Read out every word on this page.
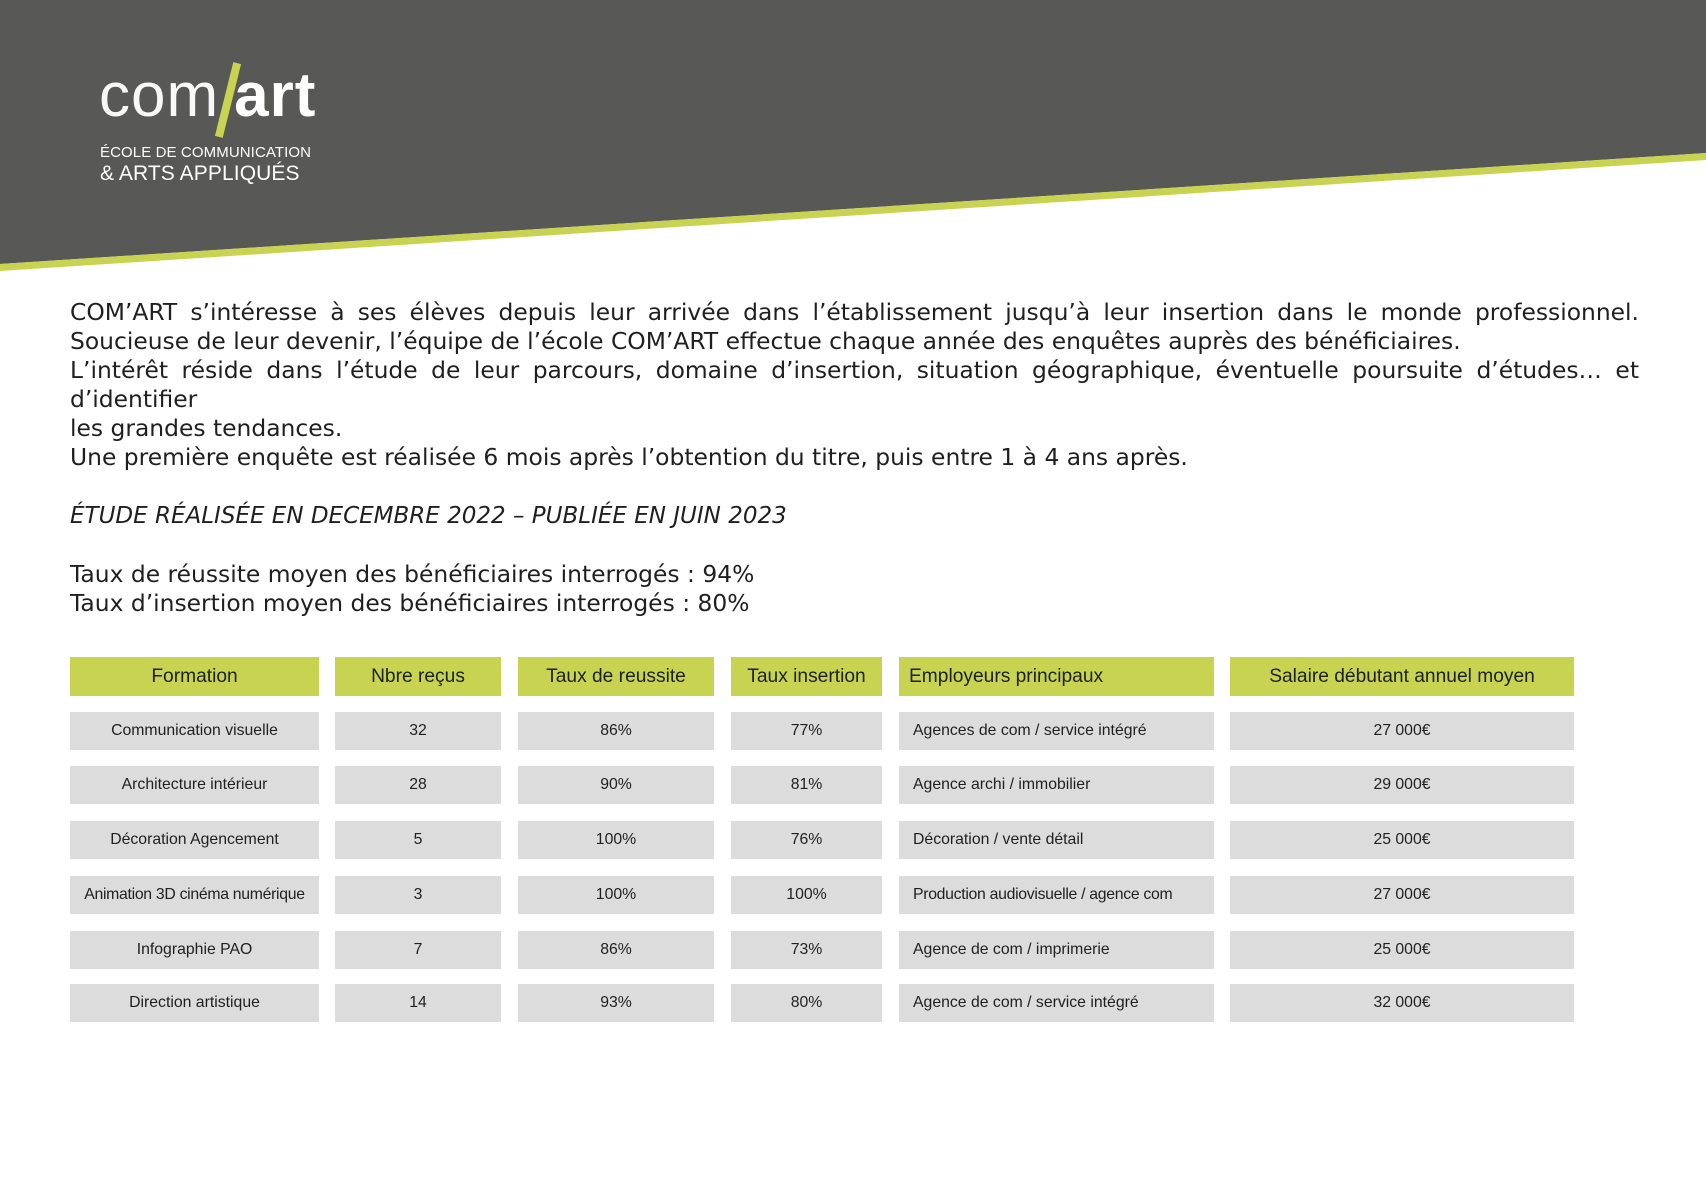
com art
ÉCOLE DE COMMUNICATION
& ARTS APPLIQUÉS

COM’ART s’intéresse à ses élèves depuis leur arrivée dans l’établissement jusqu’à leur insertion dans le monde professionnel.
Soucieuse de leur devenir, l’équipe de l’école COM’ART effectue chaque année des enquêtes auprès des bénéficiaires.
L’intérêt réside dans l’étude de leur parcours, domaine d’insertion, situation géographique, éventuelle poursuite d’études… et d’identifier
les grandes tendances.
Une première enquête est réalisée 6 mois après l’obtention du titre, puis entre 1 à 4 ans après.

ÉTUDE RÉALISÉE EN DECEMBRE 2022 – PUBLIÉE EN JUIN 2023
Taux de réussite moyen des bénéficiaires interrogés : 94%
Taux d’insertion moyen des bénéficiaires interrogés : 80%
Formation	Nbre reçus	Taux de reussite	Taux insertion	Employeurs principaux	Salaire débutant annuel moyen
Communication visuelle	32	86%	77%	Agences de com / service intégré	27 000€
Architecture intérieur	28	90%	81%	Agence archi / immobilier	29 000€
Décoration Agencement	5	100%	76%	Décoration / vente détail	25 000€
Animation 3D cinéma numérique	3	100%	100%	Production audiovisuelle / agence com	27 000€
Infographie PAO	7	86%	73%	Agence de com / imprimerie	25 000€
Direction artistique	14	93%	80%	Agence de com / service intégré	32 000€
